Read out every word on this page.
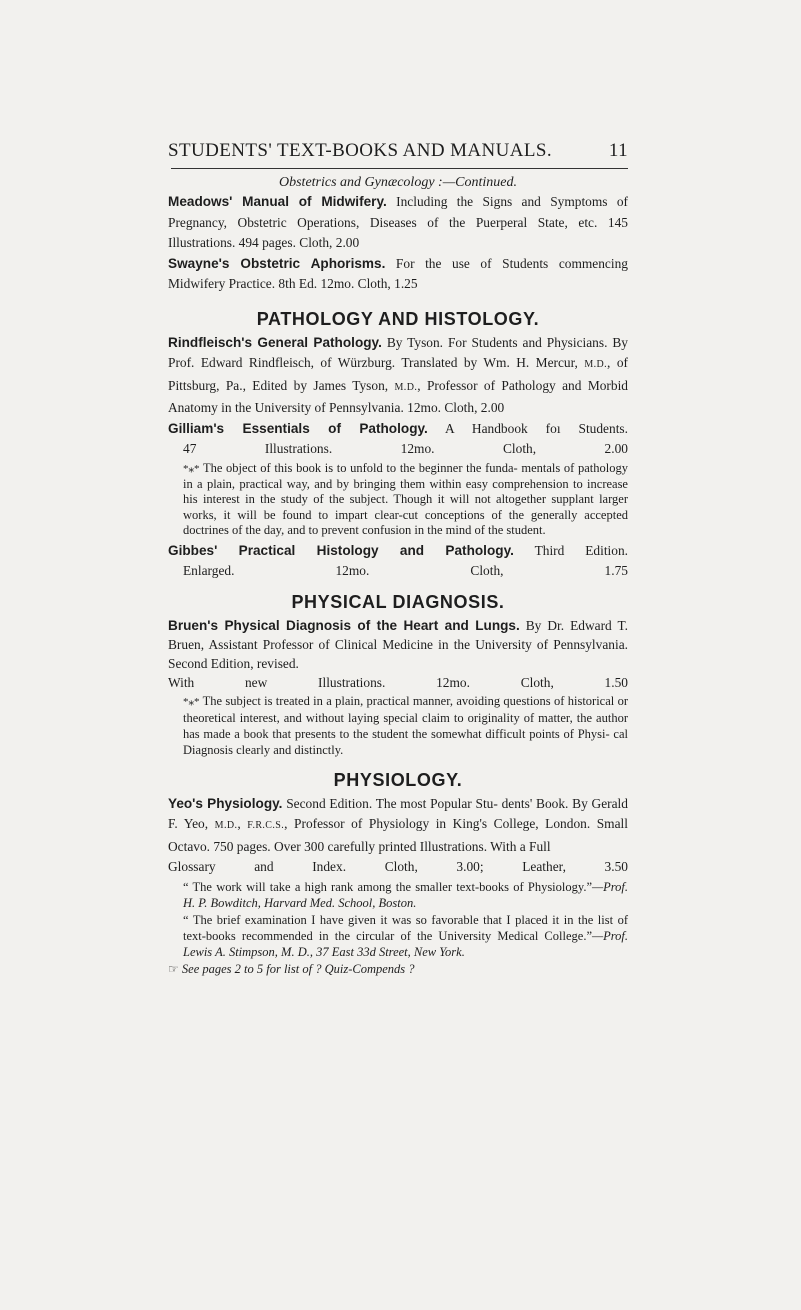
STUDENTS' TEXT-BOOKS AND MANUALS.	11
Obstetrics and Gynæcology :—Continued.
Meadows' Manual of Midwifery. Including the Signs and Symptoms of Pregnancy, Obstetric Operations, Diseases of the Puerperal State, etc. 145 Illustrations. 494 pages. Cloth, 2.00
Swayne's Obstetric Aphorisms. For the use of Students commencing Midwifery Practice. 8th Ed. 12mo. Cloth, 1.25
PATHOLOGY AND HISTOLOGY.
Rindfleisch's General Pathology. By Tyson. For Students and Physicians. By Prof. Edward Rindfleisch, of Würzburg. Translated by Wm. H. Mercur, M.D., of Pittsburg, Pa., Edited by James Tyson, M.D., Professor of Pathology and Morbid Anatomy in the University of Pennsylvania. 12mo. Cloth, 2.00
Gilliam's Essentials of Pathology. A Handbook foı Students.
47 Illustrations. 12mo.	Cloth, 2.00
*⁎* The object of this book is to unfold to the beginner the funda- mentals of pathology in a plain, practical way, and by bringing them within easy comprehension to increase his interest in the study of the subject. Though it will not altogether supplant larger works, it will be found to impart clear-cut conceptions of the generally accepted doctrines of the day, and to prevent confusion in the mind of the student.
Gibbes' Practical Histology and Pathology. Third Edition.
Enlarged. 12mo.	Cloth, 1.75
PHYSICAL DIAGNOSIS.
Bruen's Physical Diagnosis of the Heart and Lungs. By Dr. Edward T. Bruen, Assistant Professor of Clinical Medicine in the University of Pennsylvania. Second Edition, revised.
With new Illustrations. 12mo.	Cloth, 1.50
*⁎* The subject is treated in a plain, practical manner, avoiding questions of historical or theoretical interest, and without laying special claim to originality of matter, the author has made a book that presents to the student the somewhat difficult points of Physi- cal Diagnosis clearly and distinctly.
PHYSIOLOGY.
Yeo's Physiology. Second Edition. The most Popular Stu- dents' Book. By Gerald F. Yeo, M.D., F.R.C.S., Professor of Physiology in King's College, London. Small Octavo. 750 pages. Over 300 carefully printed Illustrations. With a Full
Glossary and Index.	Cloth, 3.00; Leather, 3.50
“ The work will take a high rank among the smaller text-books of Physiology.”—Prof. H. P. Bowditch, Harvard Med. School, Boston.
“ The brief examination I have given it was so favorable that I placed it in the list of text-books recommended in the circular of the University Medical College.”—Prof. Lewis A. Stimpson, M. D., 37 East 33d Street, New York.
☞ See pages 2 to 5 for list of ? Quiz-Compends ?
